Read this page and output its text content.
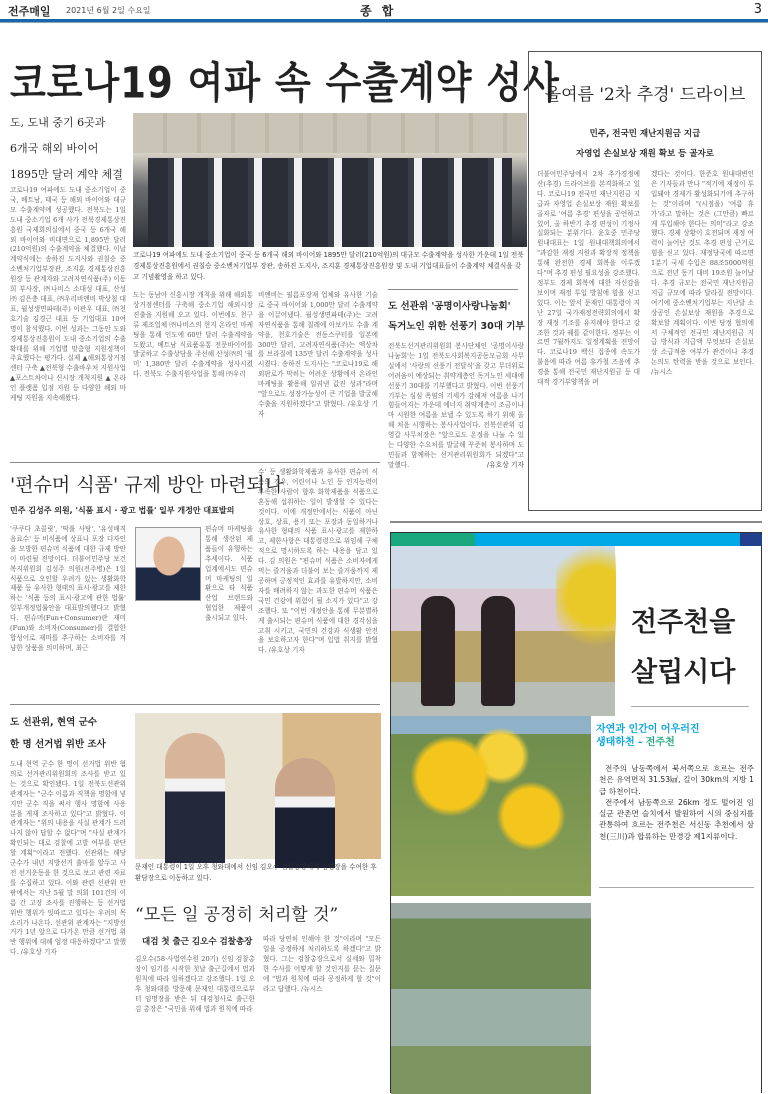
전주매일 2021년 6월 2일 수요일	종 합	3
코로나19 여파 속 수출계약 성사
도, 도내 중기 6곳과
6개국 해외 바이어
1895만 달러 계약 체결
코로나19 여파에도 도내 중소기업이 중국, 베트남, 태국 등 해외 바이어와 대규모 수출계약에 성공했다. 전북도는 1일 도내 중소기업 6개 사가 전북경제통상진흥원 국제회의실에서 중국 등 6개국 해외 바이어와 비대면으로 1,895만 달러(210억원)의 수출계약을 체결했다. 이날 계약식에는 송하진 도지사와 권칠승 중소벤처기업부장관, 조지훈 경제통상진흥원장 등 관계자와 고려자연식품(주) 이동희 부사장, ㈜나비스 소대성 대표, 산성㈜ 김은충 대표, ㈜우리비앤비 박상철 대표, 월성생면파테(주) 이관우 대표, ㈜천호기술 김경근 대표 등 기업대표 10여 명이 참석했다. 이번 성과는 그동안 도와 경제통상진흥원이 도내 중소기업의 수출 확대를 위해 기업별 맞춤형 지원정책이 주효했다는 평가다. 실제 ▲해외통상거점센터 구축 ▲전북형 수출바우처 지원사업 ▲포스트차이나 신시장 개척지원 ▲ 온라인 플랫폼 입점 지원 등 다양한 해외 마케팅 지원을 지속해왔다.
코로나19 여파에도 도내 중소기업이 중국 등 6개국 해외 바이어와 1895만 달러(210억원)의 대규모 수출계약을 성사한 가운데 1일 전북경제통상진흥원에서 권칠승 중소벤처기업부 장관, 송하진 도지사, 조지훈 경제통상진흥원장 및 도내 기업대표들이 수출계약 체결식을 갖고 기념촬영을 하고 있다.
도는 동남아 신흥시장 개척을 위해 해외통상거점센터를 구축해 중소기업 해외시장 진출을 지원해 오고 있다. 이번에도 천구류 제조업체 ㈜나비스의 현지 온라인 마케팅을 통해 인도에 60만 달러 수출계약을 도왔고, 베트남 식료품유통 전문바이어를 발굴하고 수출상담을 주선해 산성㈜의 '월미' 1,380만 달러 수출계약을 성사시켰다. 전북도 수출지원사업을 통해 ㈜우리
비앤비는 필름포장재 업체와 유사한 기술로 중국 바이어와 1,000만 달러 수출계약을 이끌어냈다. 월성생면파테(주)는 고려자연식품을 통해 칠레에 아보카도 수출 계약을, 천호기술은 전동스쿠터를 일본에 300만 달러, 고려자연식품(주)는 액상차를 브라질에 135만 달러 수출계약을 성사시켰다. 송하진 도지사는 "코로나19로 해외판로가 막히는 어려운 상황에서 온라인 마케팅을 활용해 일궈낸 값진 성과"라며 "앞으로도 성장가능성이 큰 기업을 발굴해 수출을 지원하겠다"고 밝혔다. /유호상 기자
도 선관위 '공명이사랑나눔회'
독거노인 위한 선풍기 30대 기부
전북도선거관리위원회 봉사단체인 '공명이사랑나눔회'는 1일 전북도사회복지공동모금회 사무실에서 '사랑의 선풍기 전달식'을 갖고 무더위로 어려움이 예상되는 취약계층인 독거노인 세대에 선풍기 30대를 기부했다고 밝혔다. 이번 선풍기 기부는 심심 폭염의 기세가 강해져 여름을 나기 힘들어지는 가운데 에너지 취약계층이 조금이나마 시원한 여름을 보낼 수 있도록 하기 위해 올해 처음 시행하는 봉사사업이다. 전북선관위 김영갑 사무처장은 "앞으로도 온정을 나눌 수 있는 다양한 수요처를 발굴해 꾸준히 봉사하며 도민들과 함께하는 선거관리위원회가 되겠다"고 말했다.	/유호상 기자
올여름 '2차 추경' 드라이브
민주, 전국민 재난지원금 지급
자영업 손실보상 재원 확보 등 골자로
더불어민주당에서 2차 추가경정예산(추경) 드라이브를 본격화하고 있다. 코로나19 전국민 재난지원금 지급과 자영업 손실보상 재원 확보를 골자로 '여름 추경' 편성을 공언하고 있어, 올 하반기 추경 편성이 기정사실화되는 분위기다. 윤호중 민주당 원내대표는 1일 원내대책회의에서 "과감한 재정 지원과 확장적 정책을 통해 완전한 경제 회복을 이루겠다"며 추경 편성 필요성을 강조했다. 정부도 경제 회복에 대한 자신감을 보이며 재정 투입 방침에 힘을 싣고 있다. 이는 앞서 문재인 대통령이 지난 27일 국가재정전략회의에서 확장 재정 기조를 유지해야 한다고 강조한 것과 궤를 같이한다. 정부는 이르면 7월까지도 일정계획을 전망이다. 코로나19 백신 접종에 속도가 붙음에 따라 여름 휴가철 즈음에 추경을 통해 전국민 재난지원금 등 대대적 경기부양책을 펴
겠다는 것이다. 한준호 원내대변인은 기자들과 만나 "적기에 재정이 투입돼야 경제가 활성화되기에 추구하는 것"이라며 "(시점을) '여름 휴가'라고 말하는 것은 (그만큼) 빠르게 투입해야 한다는 의미"라고 강조했다. 경제 상황이 호전되며 재정 여력이 늘어난 것도 추경 편성 근거로 힘을 싣고 있다. 재정당국에 따르면 1분기 국세 수입은 88조5000억원으로 전년 동기 대비 19조원 늘어났다. 추경 규모는 전국민 재난지원금 지급 규모에 따라 달라질 전망이다. 여기에 중소벤처기업부는 지난달 소상공인 손실보상 재원을 추경으로 확보할 계획이다. 이번 당정 협의에서 구체적인 전국민 재난지원금 지급 방식과 지급액 무엇보다 손실보상 소급적용 여부가 관건이나 추경 논의도 탄력을 받을 것으로 보인다. /뉴시스
'편슈머 식품' 규제 방안 마련되나
민주 김성주 의원, '식품 표시 · 광고 법률' 일부 개정안 대표발의
'쿠쿠다 초콜릿', '딱풀 사탕', '유성매직 음료수' 등 비식품에 상표나 포장 디자인을 모방한 편슈머 식품에 대한 규제 방안이 마련될 전망이다. 더불어민주당 보건복지위원회 김성주 의원(전주병)은 1일 식품으로 오인할 우려가 있는 생활화학제품 등 유사한 형태의 표시·광고를 제한하는 '식품 등의 표시·광고에 관한 법률' 일부개정법률안을 대표발의했다고 밝혔다. 편슈머(Fun+Consumer)란 재미(Fun)와 소비자(Consumer)를 결합한 합성어로 재미를 추구하는 소비자를 겨냥한 상품을 의미하며, 최근
편슈머 마케팅을 통해 생산된 제품들이 유행하는 추세이다. 식품업계에서도 편슈머 마케팅의 일환으로 타 식품 산업 브랜드와 협업한 제품이 출시되고 있다.
수' 등 생활화학제품과 유사한 편슈머 식품의 경우, 어린이나 노인 등 인지능력이 부족한 사람이 향후 화학제품을 식품으로 혼동해 섭취하는 일이 발생할 수 있다는 것이다. 이에 개정안에서는 식품이 아닌 상호, 상표, 용기 또는 포장과 동일하거나 유사한 형태의 식품 표시·광고를 제한하고, 제한사항은 대통령령으로 위임해 구체적으로 명시하도록 하는 내용을 담고 있다. 김 의원은 "편슈머 식품은 소비자에게 먹는 즐거움과 더불어 보는 즐거움까지 제공하며 긍정적인 효과를 유발하지만, 소비자를 배려하지 않는 과도한 편슈머 식품은 국민 건강에 위험이 될 소지가 있다"고 강조했다. 또 "이번 개정안을 통해 무분별하게 출시되는 편슈머 식품에 대한 경각심을 고취 시키고, 국민의 건강과 식생활 안전을 보호하고자 한다"며 입법 취지를 밝혔다. /유호상 기자
도 선관위, 현역 군수
한 명 선거법 위반 조사
도내 현역 군수 한 명이 선거법 위반 혐의로 선거관리위원회의 조사를 받고 있는 것으로 확인됐다. 1일 전북도선관위 관계자는 "군수 이름과 직책을 명함에 넣지만 군수 직을 써서 행사 명함에 사용 분을 게재 조사하고 있다"고 밝혔다. 이 관계자는 "위의 내용을 사실 관계가 드러나지 않아 답할 수 없다"며 "사실 관계가 확인되는 대로 검찰에 고발 여부를 판단할 계획"이라고 전했다. 선관위는 해당 군수가 내년 지방선거 출마를 앞두고 사전 선거운동을 한 것으로 보고 관련 자료를 수집하고 있다. 이와 관련 선관위 안팎에서는 지난 5월 말 의회 101건의 이름 간 고장 조사를 진행하는 등 선거법 위반 행위가 잇따르고 있다는 우려의 목소리가 나온다. 선관위 관계자는 "지방선거가 1년 앞으로 다가온 만큼 선거법 위반 행위에 대해 엄정 대응하겠다"고 말했다. /유호상 기자
문재인 대통령이 1일 오후 청와대에서 신임 김오수 검찰총장에게 임명장을 수여한 후 환담장으로 이동하고 있다.
“모든 일 공정히 처리할 것”
대검 첫 출근 김오수 검찰총장
김오수(58·사법연수원 20기) 신임 검찰총장이 임기를 시작한 첫날 출근길에서 법과 원칙에 따라 일하겠다고 강조했다. 1일 오후 청와대를 방문해 문재인 대통령으로부터 임명장을 받은 뒤 대검청사로 출근한 김 총장은 "국민을 위해 법과 원칙에 따라
따라 당연히 인해야 한 것"이라며 "모든 일을 공정하게 처리하도록 하겠다"고 밝혔다. 그는 검찰총장으로서 실세와 밀착한 수사를 어떻게 할 것인지를 묻는 질문에 "법과 원칙에 따라 공정하게 할 것"이라고 답했다. /뉴시스
전주천을
살립시다
자연과 인간이 어우러진
생태하천 - 전주천

전주의 남동쪽에서 북서쪽으로 흐르는 전주천은 유역면적 31.53㎢, 길이 30km의 지방 1급 하천이다.

전주에서 남동쪽으로 26km 정도 떨어진 임실군 관촌면 슬치에서 발원하여 시의 중심지를 관통하여 흐르는 전주천은 서신동 추천에서 삼천(三川)과 합류하는 만경강 제1지류이다.
